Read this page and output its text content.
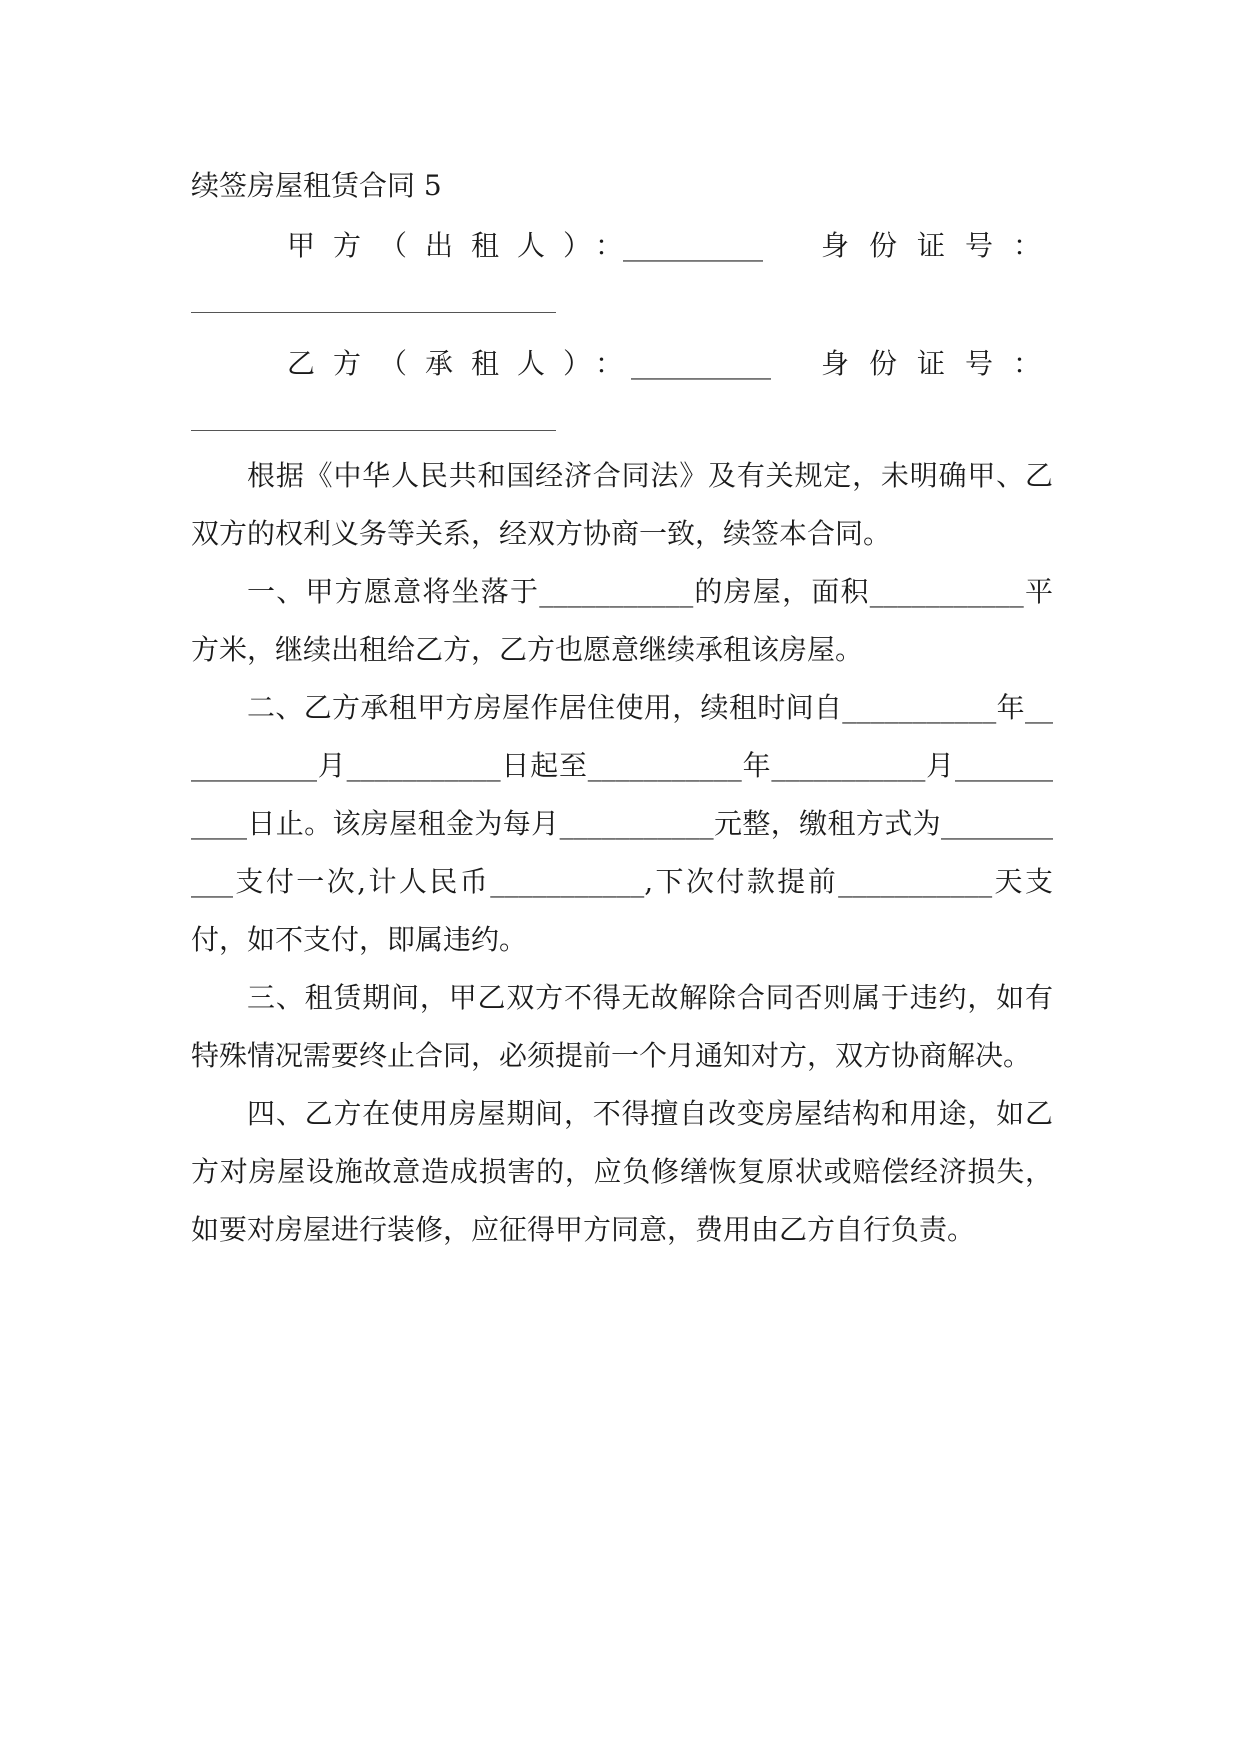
续签房屋租赁合同 5
甲方（出租人）：
__________ 身份证号：
乙方（承租人）：
__________ 身份证号：

根据《中华人民共和国经济合同法》及有关规定，未明确甲、乙双方的权利义务等关系，经双方协商一致，续签本合同。

一、甲方愿意将坐落于___________的房屋，面积___________平方米，继续出租给乙方，乙方也愿意继续承租该房屋。

二、乙方承租甲方房屋作居住使用，续租时间自___________年___________月___________日起至___________年___________月___________日止。该房屋租金为每月___________元整，缴租方式为___________支付一次,计人民币___________,下次付款提前___________天支付，如不支付，即属违约。

三、租赁期间，甲乙双方不得无故解除合同否则属于违约，如有特殊情况需要终止合同，必须提前一个月通知对方，双方协商解决。

四、乙方在使用房屋期间，不得擅自改变房屋结构和用途，如乙方对房屋设施故意造成损害的，应负修缮恢复原状或赔偿经济损失，如要对房屋进行装修，应征得甲方同意，费用由乙方自行负责。
